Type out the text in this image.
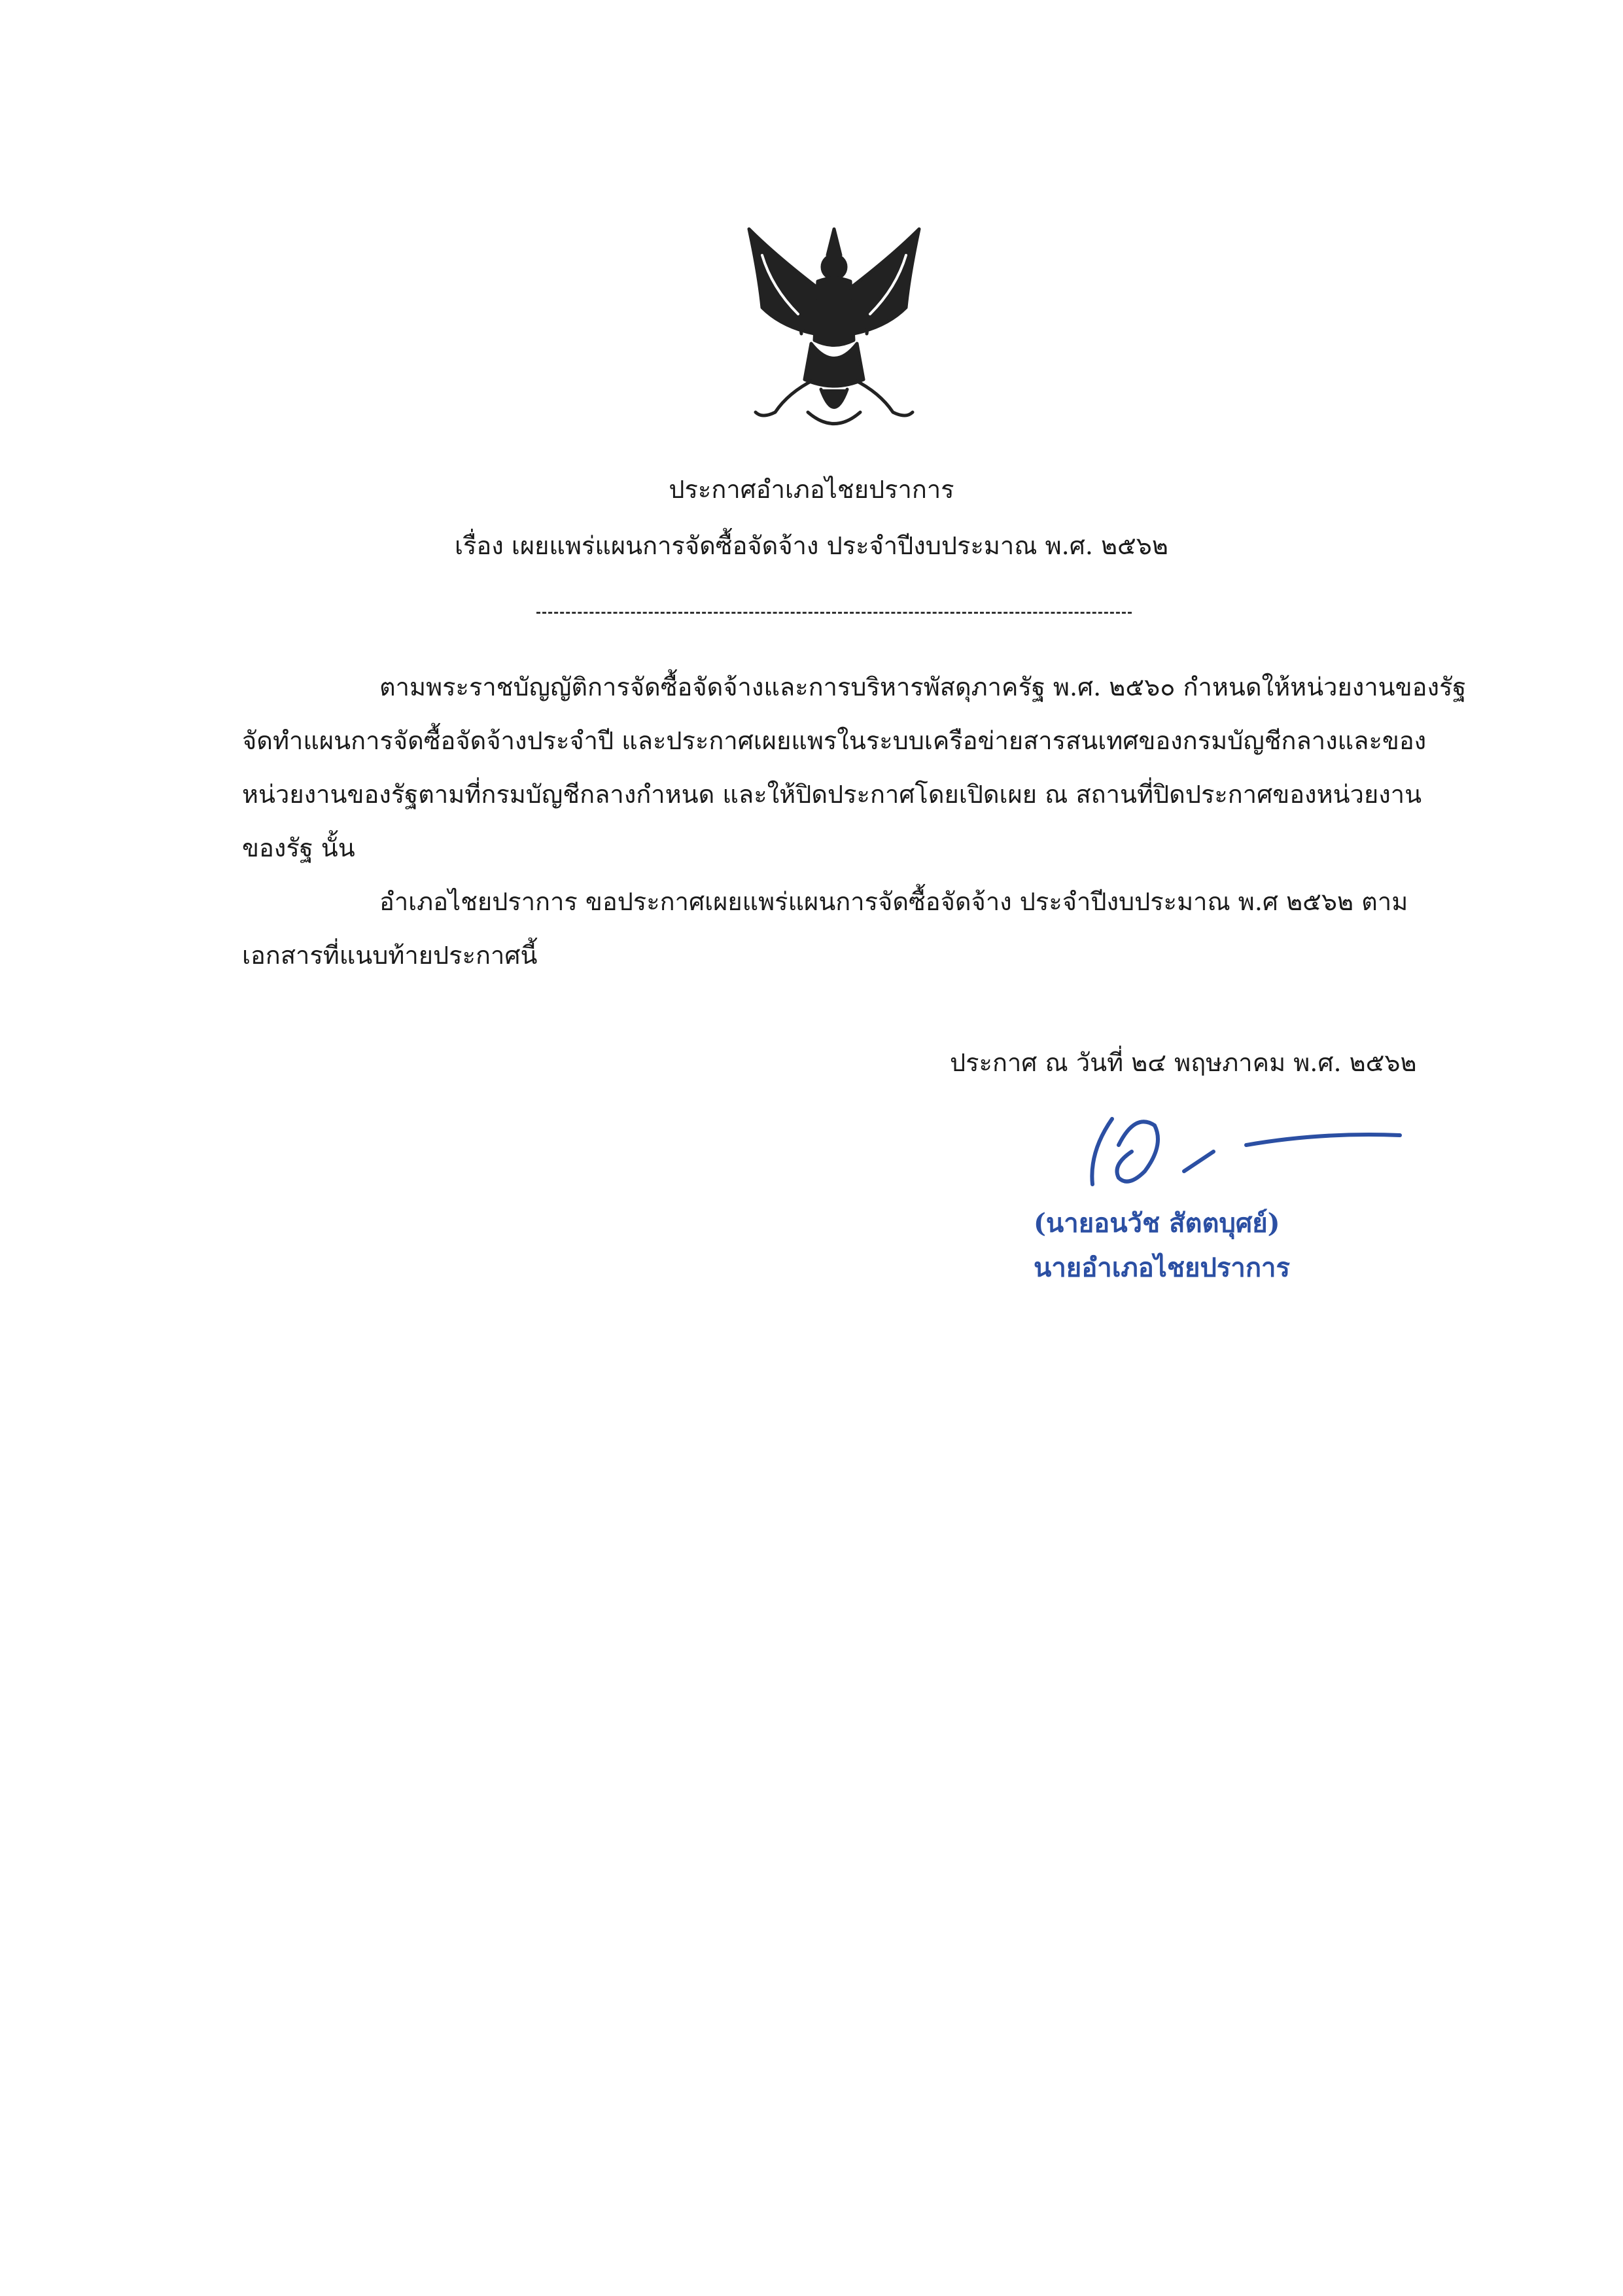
ประกาศอำเภอไชยปราการ
เรื่อง เผยแพร่แผนการจัดซื้อจัดจ้าง ประจำปีงบประมาณ พ.ศ. ๒๕๖๒
ตามพระราชบัญญัติการจัดซื้อจัดจ้างและการบริหารพัสดุภาครัฐ พ.ศ. ๒๕๖๐ กำหนดให้หน่วยงานของรัฐ
จัดทำแผนการจัดซื้อจัดจ้างประจำปี และประกาศเผยแพรในระบบเครือข่ายสารสนเทศของกรมบัญชีกลางและของ
หน่วยงานของรัฐตามที่กรมบัญชีกลางกำหนด และให้ปิดประกาศโดยเปิดเผย ณ สถานที่ปิดประกาศของหน่วยงาน
ของรัฐ นั้น
อำเภอไชยปราการ ขอประกาศเผยแพร่แผนการจัดซื้อจัดจ้าง ประจำปีงบประมาณ พ.ศ ๒๕๖๒ ตาม
เอกสารที่แนบท้ายประกาศนี้
ประกาศ ณ วันที่ ๒๔ พฤษภาคม พ.ศ. ๒๕๖๒
(นายอนวัช สัตตบุศย์)
นายอำเภอไชยปราการ
